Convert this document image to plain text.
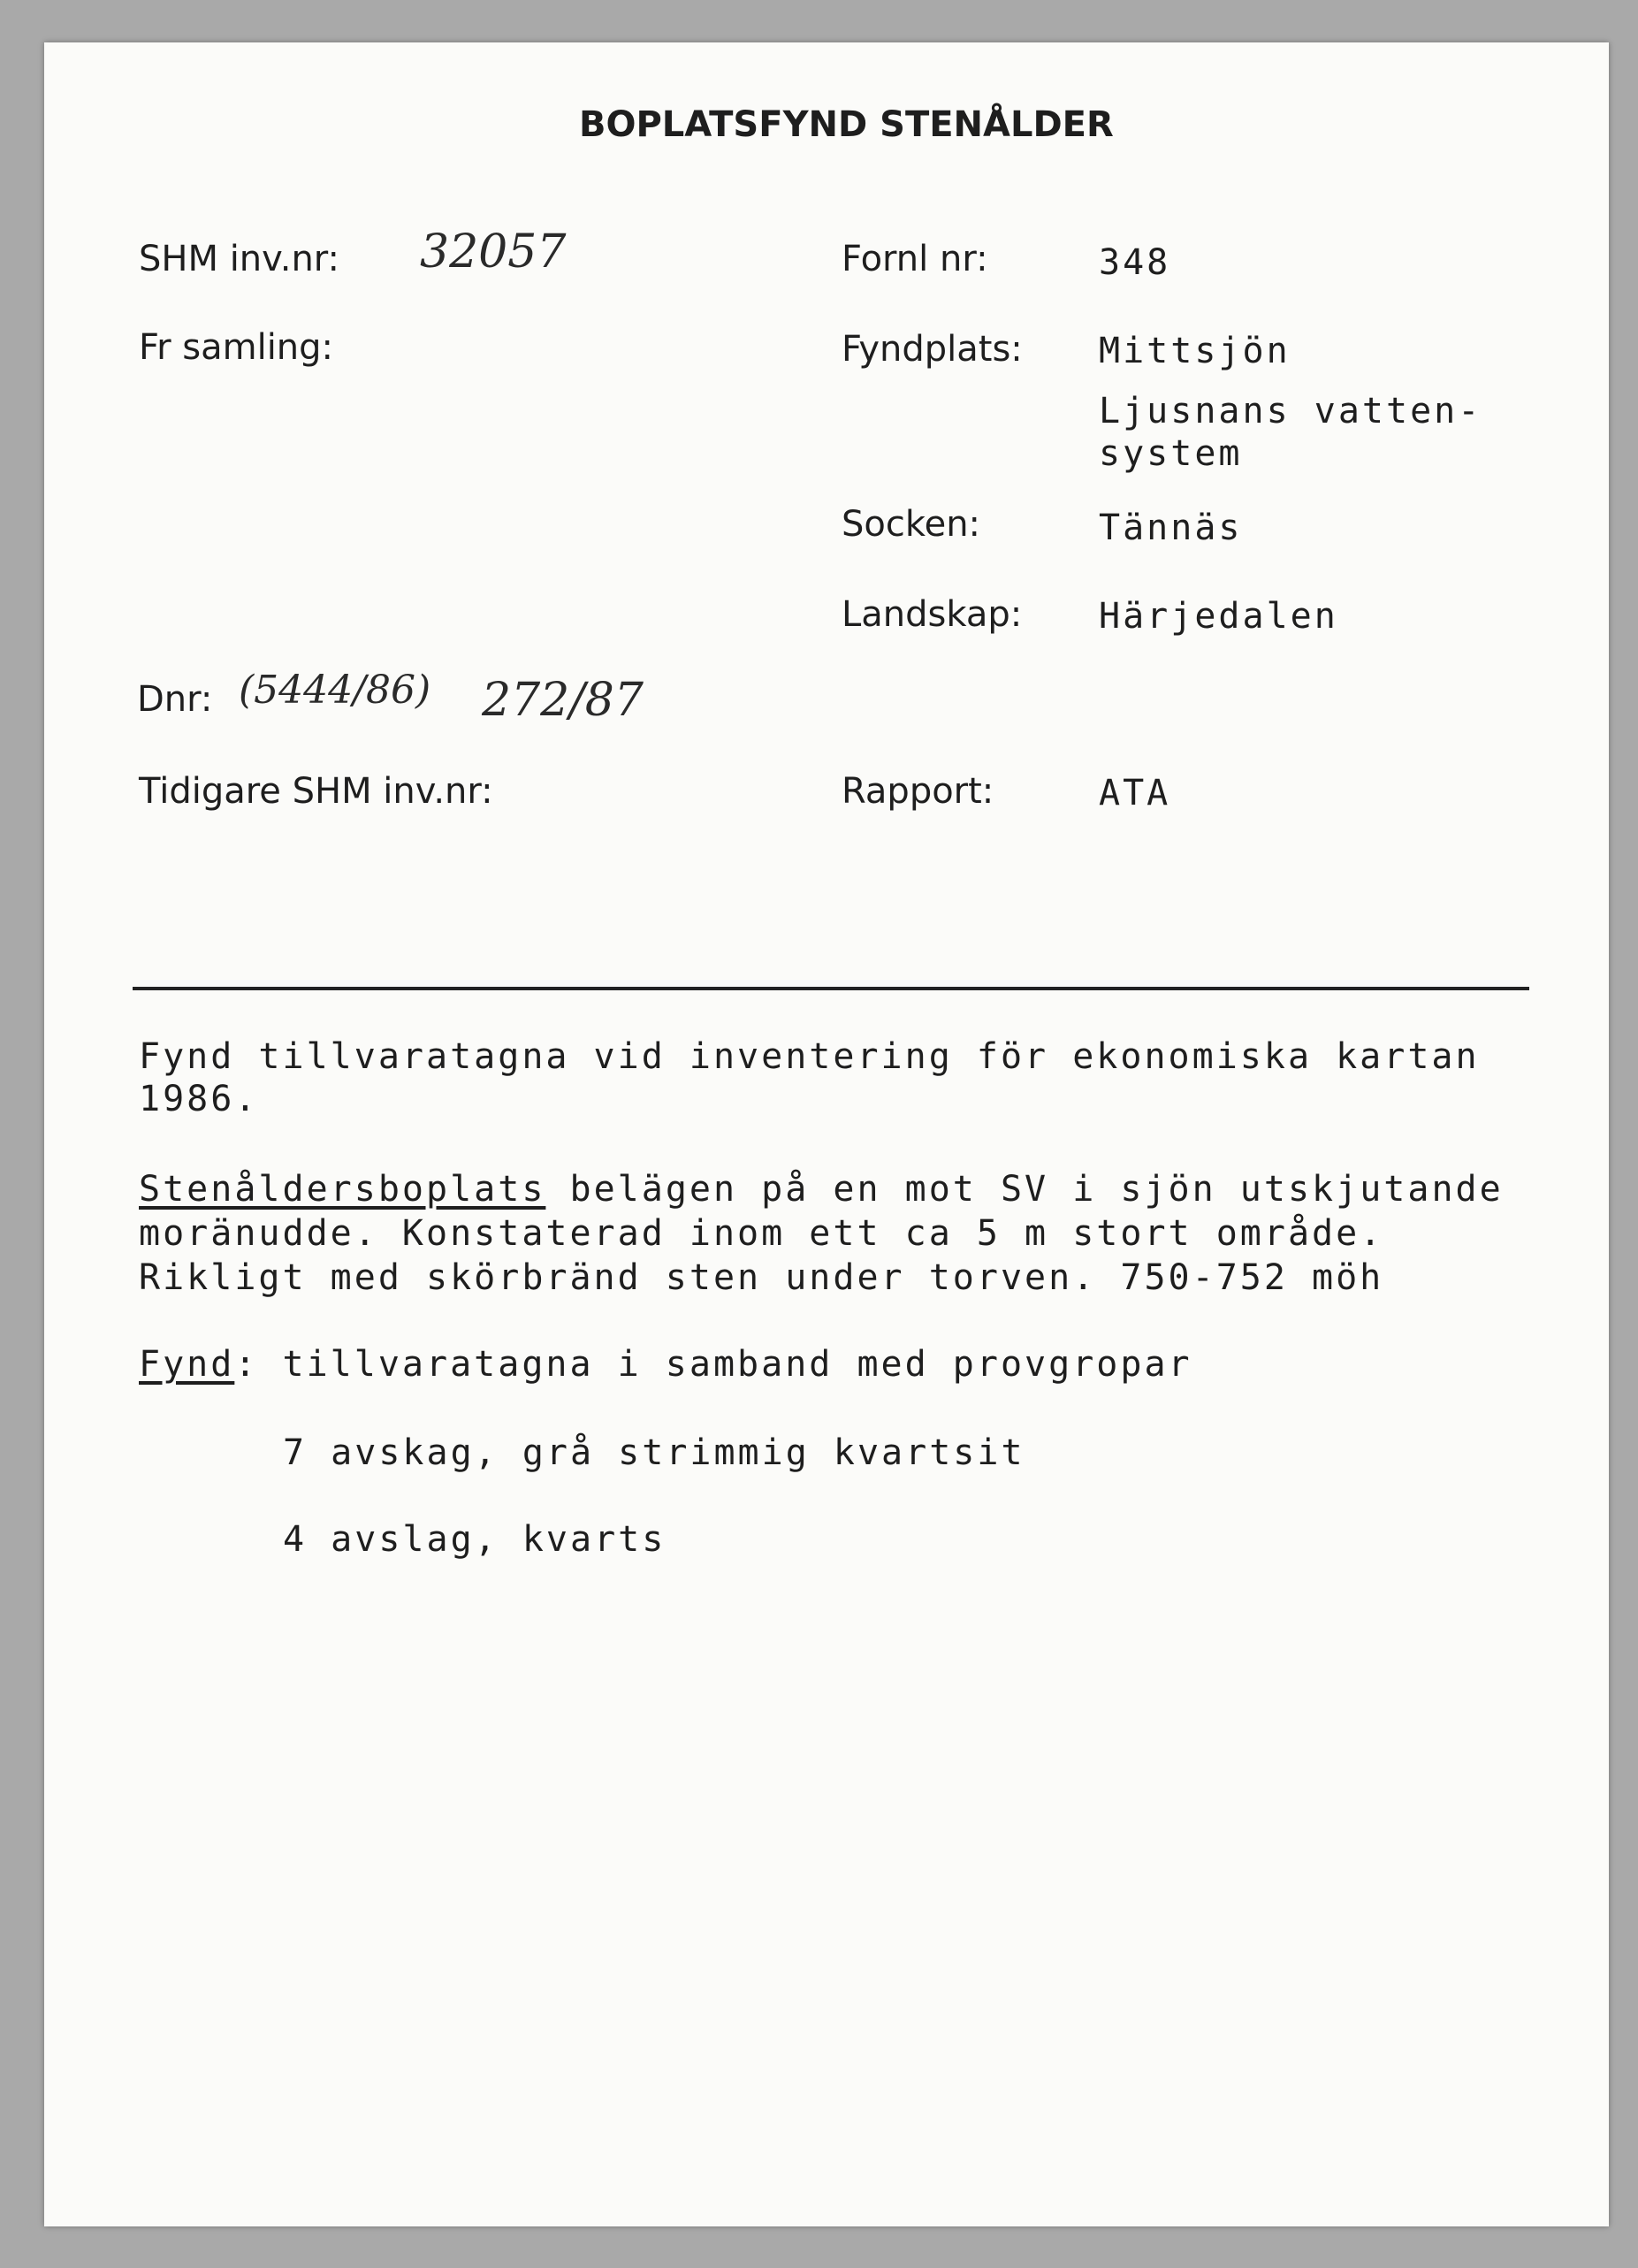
BOPLATSFYND STENÅLDER
SHM inv.nr: 32057
Fr samling:
Dnr: (5444/86) 272/87
Tidigare SHM inv.nr:
Fornl nr:	348
Fyndplats: Mittsjön
Ljusnans vatten-
system
Socken:	Tännäs
Landskap: Härjedalen
Rapport:	ATA
Fynd tillvaratagna vid inventering för ekonomiska kartan
1986.
Stenåldersboplats belägen på en mot SV i sjön utskjutande
moränudde. Konstaterad inom ett ca 5 m stort område.
Rikligt med skörbränd sten under torven. 750-752 möh
Fynd: tillvaratagna i samband med provgropar
7 avskag, grå strimmig kvartsit
4 avslag, kvarts
